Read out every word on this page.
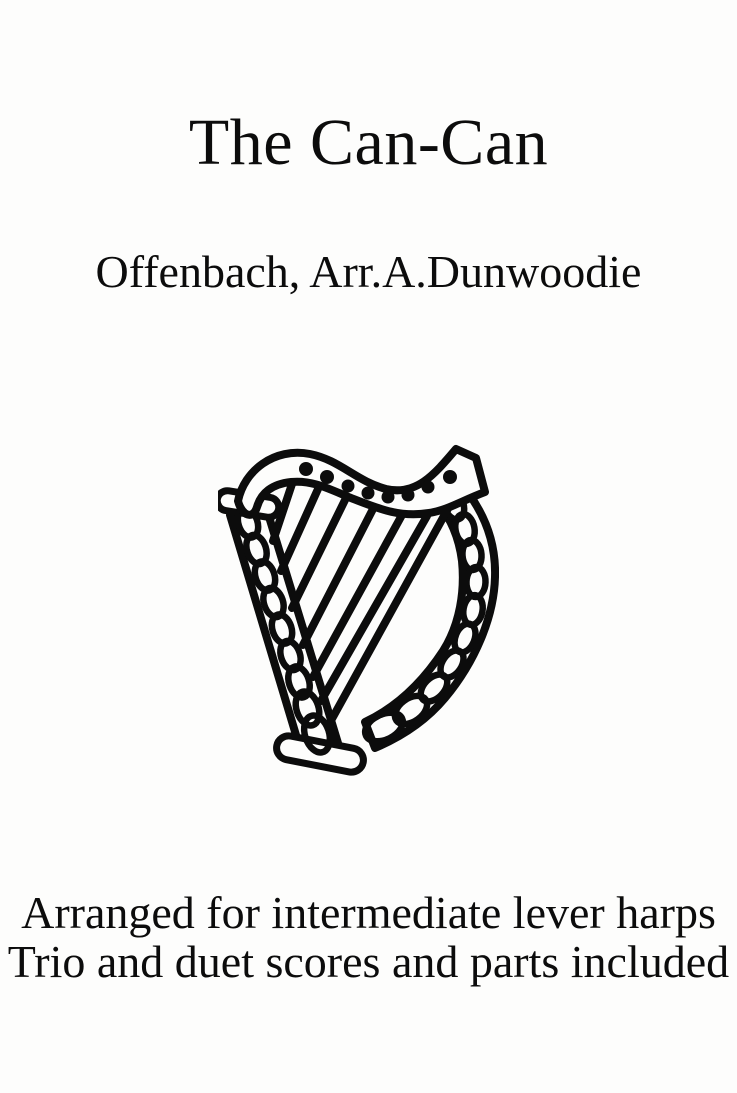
The Can-Can
Offenbach, Arr.A.Dunwoodie
Arranged for intermediate lever harps
Trio and duet scores and parts included
